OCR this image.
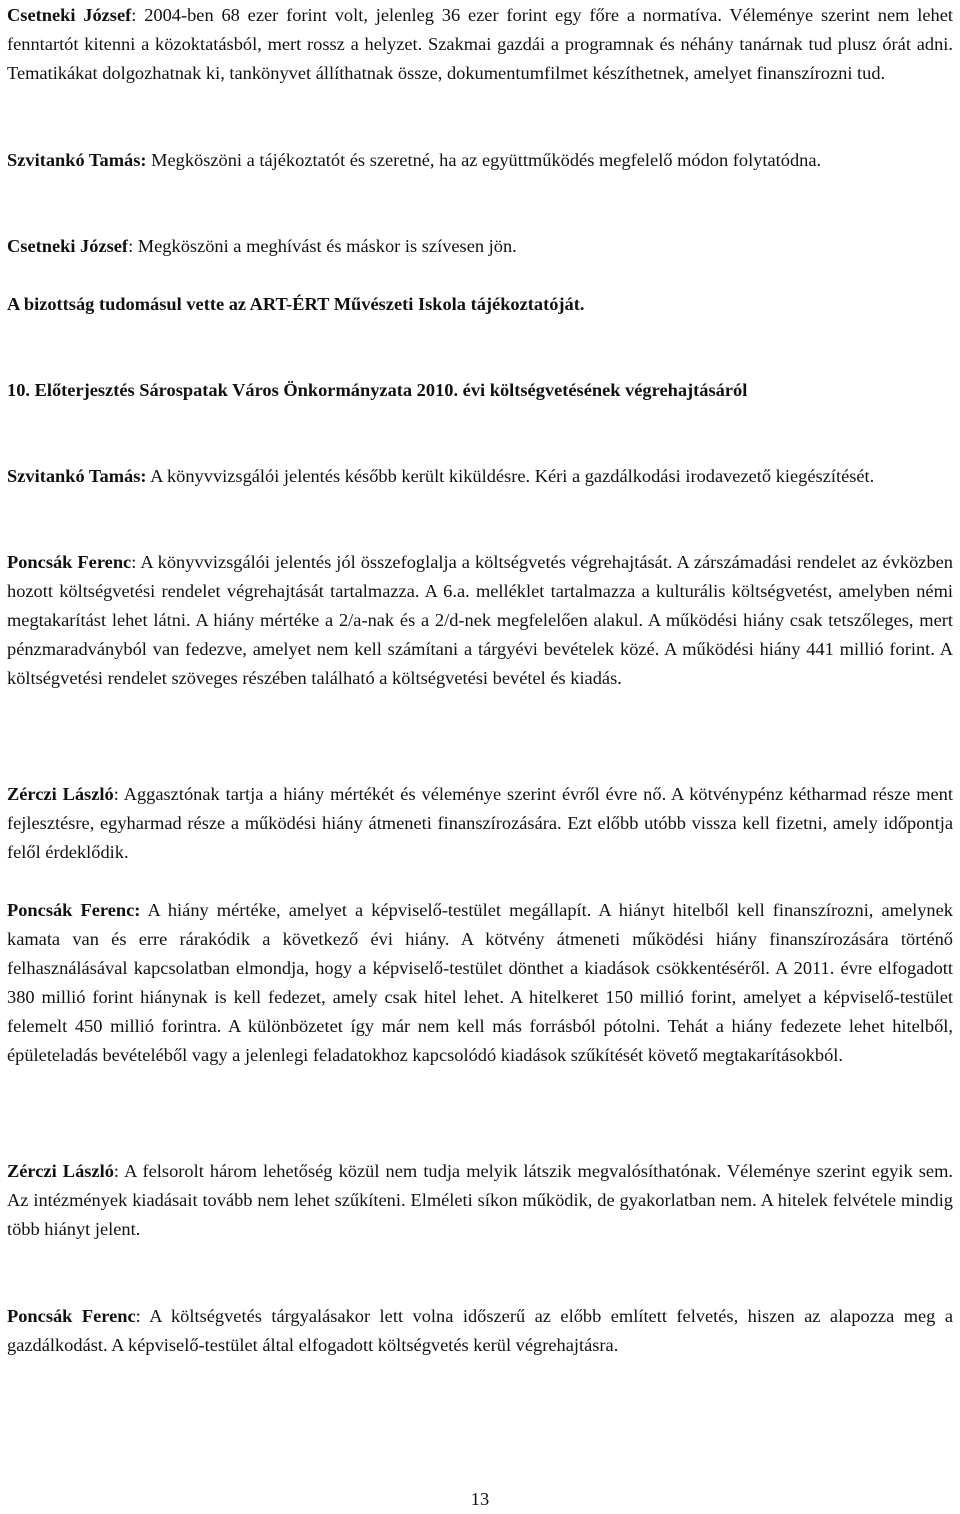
Csetneki József: 2004-ben 68 ezer forint volt, jelenleg 36 ezer forint egy főre a normatíva. Véleménye szerint nem lehet fenntartót kitenni a közoktatásból, mert rossz a helyzet. Szakmai gazdái a programnak és néhány tanárnak tud plusz órát adni. Tematikákat dolgozhatnak ki, tankönyvet állíthatnak össze, dokumentumfilmet készíthetnek, amelyet finanszírozni tud.

Szvitankó Tamás: Megköszöni a tájékoztatót és szeretné, ha az együttműködés megfelelő módon folytatódna.

Csetneki József: Megköszöni a meghívást és máskor is szívesen jön.

A bizottság tudomásul vette az ART-ÉRT Művészeti Iskola tájékoztatóját.

10. Előterjesztés Sárospatak Város Önkormányzata 2010. évi költségvetésének végrehajtásáról

Szvitankó Tamás: A könyvvizsgálói jelentés később került kiküldésre. Kéri a gazdálkodási irodavezető kiegészítését.

Poncsák Ferenc: A könyvvizsgálói jelentés jól összefoglalja a költségvetés végrehajtását. A zárszámadási rendelet az évközben hozott költségvetési rendelet végrehajtását tartalmazza. A 6.a. melléklet tartalmazza a kulturális költségvetést, amelyben némi megtakarítást lehet látni. A hiány mértéke a 2/a-nak és a 2/d-nek megfelelően alakul. A működési hiány csak tetszőleges, mert pénzmaradványból van fedezve, amelyet nem kell számítani a tárgyévi bevételek közé. A működési hiány 441 millió forint. A költségvetési rendelet szöveges részében található a költségvetési bevétel és kiadás.

Zérczi László: Aggasztónak tartja a hiány mértékét és véleménye szerint évről évre nő. A kötvénypénz kétharmad része ment fejlesztésre, egyharmad része a működési hiány átmeneti finanszírozására. Ezt előbb utóbb vissza kell fizetni, amely időpontja felől érdeklődik.

Poncsák Ferenc: A hiány mértéke, amelyet a képviselő-testület megállapít. A hiányt hitelből kell finanszírozni, amelynek kamata van és erre rárakódik a következő évi hiány. A kötvény átmeneti működési hiány finanszírozására történő felhasználásával kapcsolatban elmondja, hogy a képviselő-testület dönthet a kiadások csökkentéséről. A 2011. évre elfogadott 380 millió forint hiánynak is kell fedezet, amely csak hitel lehet. A hitelkeret 150 millió forint, amelyet a képviselő-testület felemelt 450 millió forintra. A különbözetet így már nem kell más forrásból pótolni. Tehát a hiány fedezete lehet hitelből, épületeladás bevételéből vagy a jelenlegi feladatokhoz kapcsolódó kiadások szűkítését követő megtakarításokból.

Zérczi László: A felsorolt három lehetőség közül nem tudja melyik látszik megvalósíthatónak. Véleménye szerint egyik sem. Az intézmények kiadásait tovább nem lehet szűkíteni. Elméleti síkon működik, de gyakorlatban nem. A hitelek felvétele mindig több hiányt jelent.

Poncsák Ferenc: A költségvetés tárgyalásakor lett volna időszerű az előbb említett felvetés, hiszen az alapozza meg a gazdálkodást. A képviselő-testület által elfogadott költségvetés kerül végrehajtásra.

13
